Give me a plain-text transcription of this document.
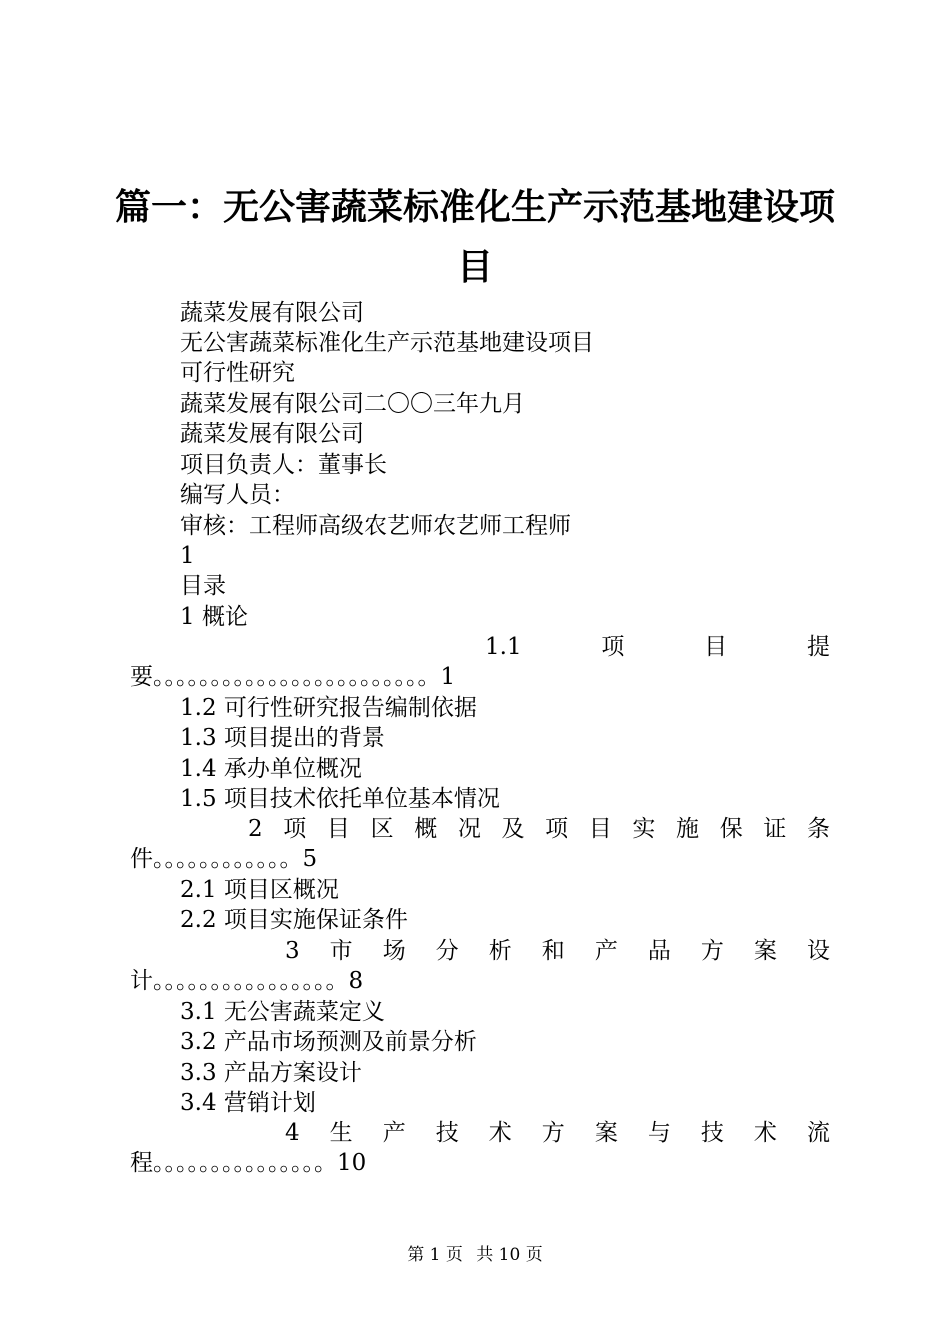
篇一：无公害蔬菜标准化生产示范基地建设项
目

蔬菜发展有限公司

无公害蔬菜标准化生产示范基地建设项目

可行性研究

蔬菜发展有限公司二〇〇三年九月

蔬菜发展有限公司

项目负责人：董事长

编写人员：

审核：工程师高级农艺师农艺师工程师

1

目录

1 概论

1.1	项	目	提
要。。。。。。。。。。。。。。。。。。。。。。。。1

1.2 可行性研究报告编制依据

1.3 项目提出的背景

1.4 承办单位概况

1.5 项目技术依托单位基本情况

2 项 目 区 概 况 及 项 目 实 施 保 证 条
件。。。。。。。。。。。。5

2.1 项目区概况

2.2 项目实施保证条件

3 市 场 分 析 和 产 品 方 案 设
计。。。。。。。。。。。。。。。。8

3.1 无公害蔬菜定义

3.2 产品市场预测及前景分析

3.3 产品方案设计

3.4 营销计划

4 生 产 技 术 方 案 与 技 术 流
程。。。。。。。。。。。。。。。10
第 1 页 共 10 页
